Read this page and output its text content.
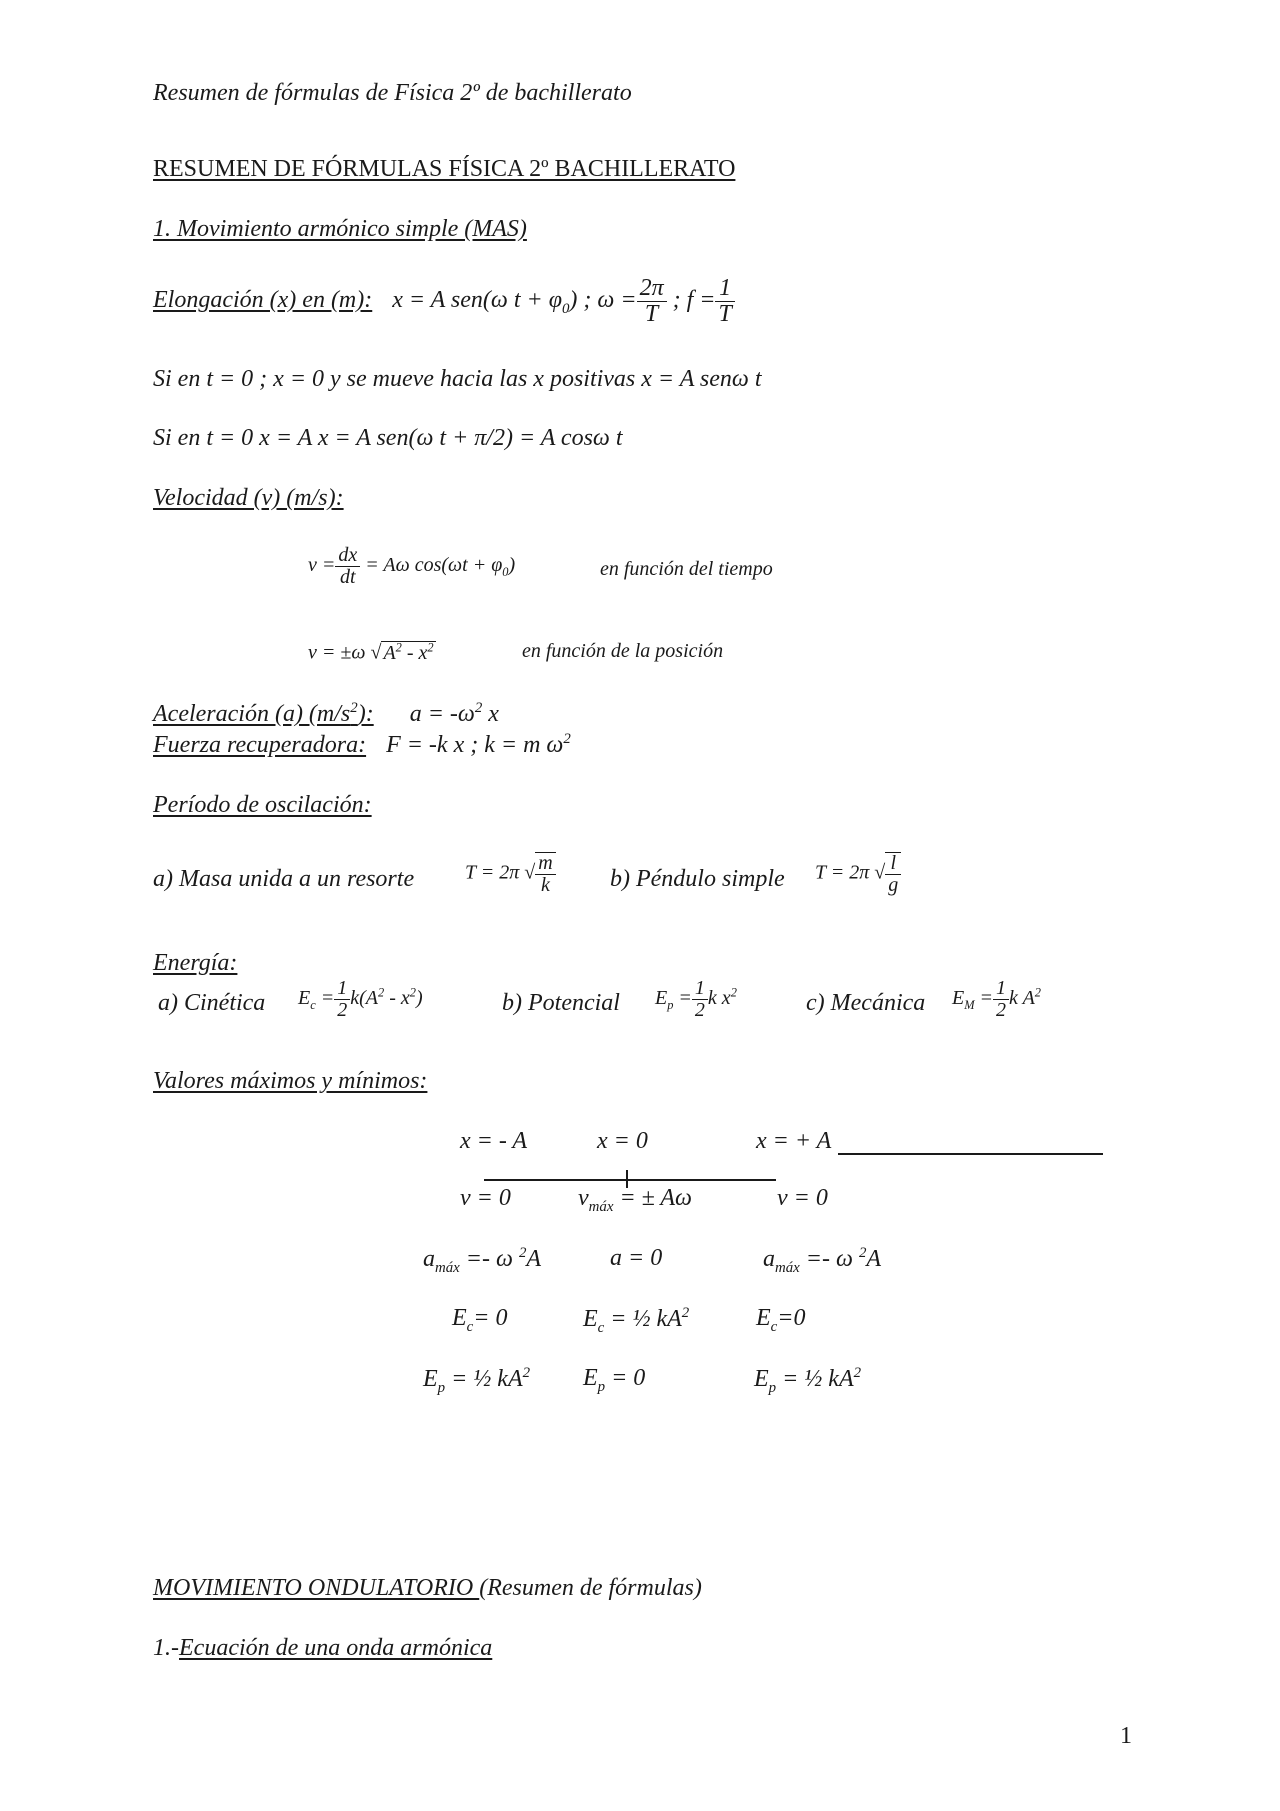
Resumen de fórmulas de Física 2º de bachillerato
RESUMEN DE FÓRMULAS FÍSICA 2º BACHILLERATO
1. Movimiento armónico simple (MAS)
Elongación (x) en (m): x = A sen(ω $t + \varphi_0$) ; $\omega = \frac{2\pi}{T}$ ; $f = \frac{1}{T}$
Si en t = 0 ; x = 0 y se mueve hacia las x positivas x = A senω t
Si en t = 0 x = A x = A sen(ω t + π/2) = A cosω t
Velocidad (v) (m/s):
$v = \frac{dx}{dt} = A\omega$ $\cos(\omega t + \varphi_0)$	en función del tiempo
v = ±ω √ $A^2 - x^2$	en función de la posición
Aceleración (a) $(m/s^2)$: $a = -\omega^2$ x
Fuerza recuperadora: F = -k x ; k = m $\omega^2$
Período de oscilación:
a) Masa unida a un resorte	T = 2π √ $\frac{m}{k} b$) Péndulo simple T = 2π √ $\frac{l}{g}$
Energía:
a) Cinética $E_c = \frac{1}{2} k(A^2 - x^2)$	b) Potencial $E_p = \frac{1}{2}$ k $x^2$	c) Mecánica $E_M = \frac{1}{2}$ k $A^2$
Valores máximos y mínimos:
x = - A	x = 0	x = + A
v = 0	$v_{máx}$ = ± Aω	v = 0
$a_{máx} =- \omega$ $^2$A	a = 0	$a_{máx} =- \omega$ $^2$A
$E_c= 0$	$E_c$ = ½ $kA^2$	$E_c=0$
$E_p$ = ½ $kA^2$ $E_p = 0$	$E_p$ = ½ $kA^2$
MOVIMIENTO ONDULATORIO (Resumen de fórmulas)
1.-Ecuación de una onda armónica
1
